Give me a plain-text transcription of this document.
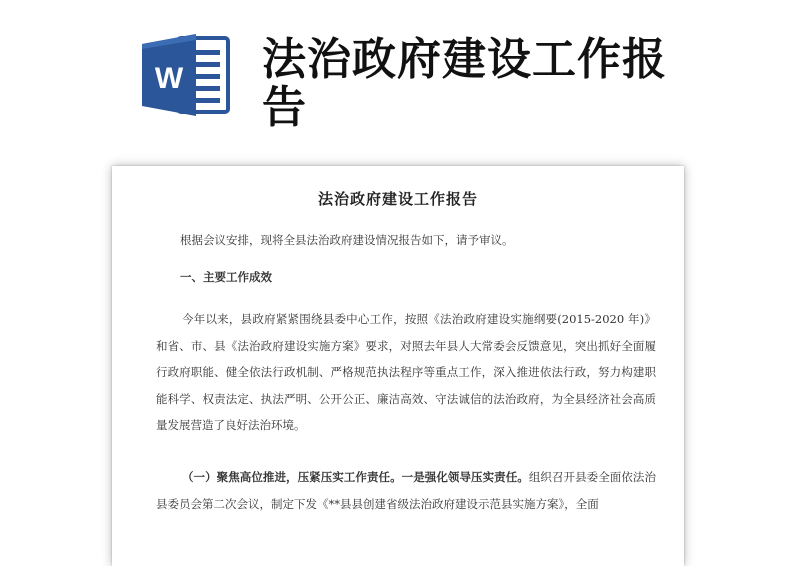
W 法治政府建设工作报告
法治政府建设工作报告

根据会议安排，现将全县法治政府建设情况报告如下，请予审议。

一、主要工作成效

今年以来，县政府紧紧围绕县委中心工作，按照《法治政府建设实施纲要(2015-2020 年)》和省、市、县《法治政府建设实施方案》要求，对照去年县人大常委会反馈意见，突出抓好全面履行政府职能、健全依法行政机制、严格规范执法程序等重点工作，深入推进依法行政，努力构建职能科学、权责法定、执法严明、公开公正、廉洁高效、守法诚信的法治政府，为全县经济社会高质量发展营造了良好法治环境。

（一）聚焦高位推进，压紧压实工作责任。一是强化领导压实责任。组织召开县委全面依法治县委员会第二次会议，制定下发《**县县创建省级法治政府建设示范县实施方案》，全面
